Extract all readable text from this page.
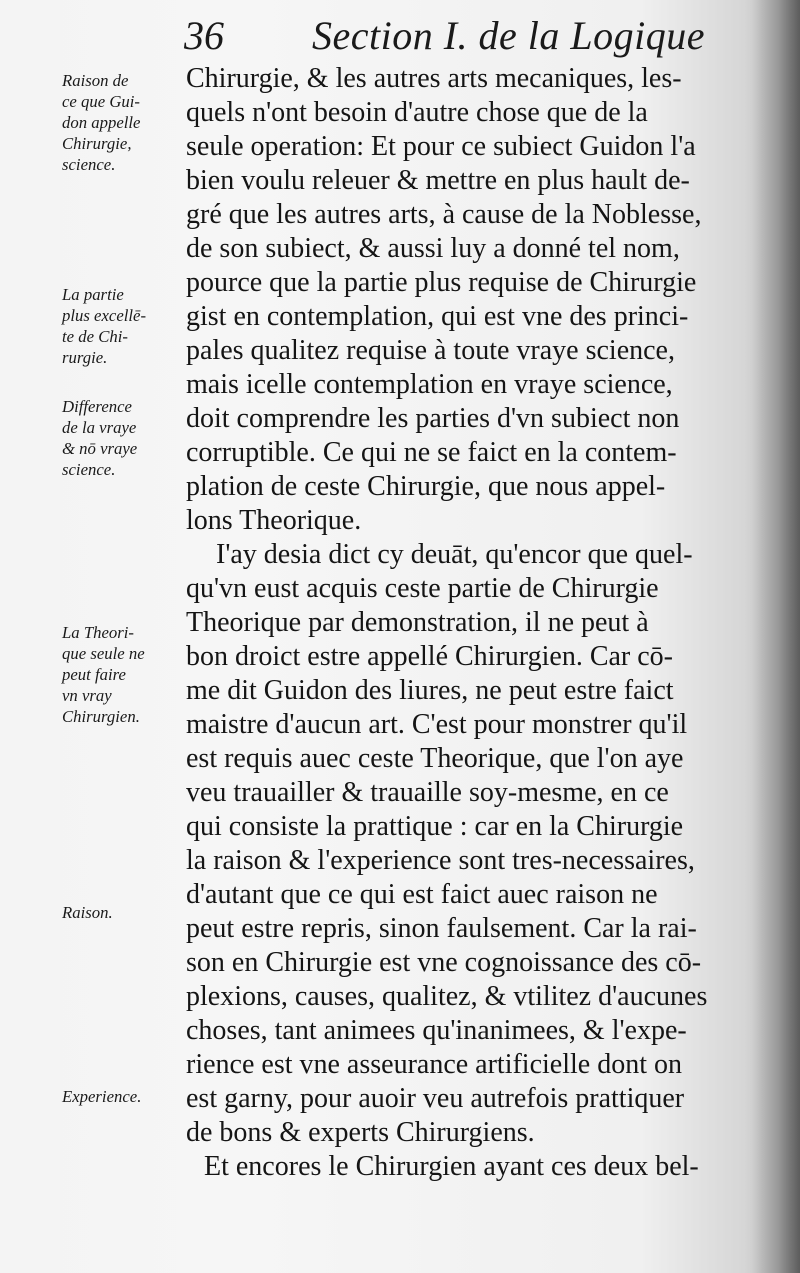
36 Section I. de la Logique
Raison de
ce que Gui-
don appelle
Chirurgie,
science.
La partie
plus excellē-
te de Chi-
rurgie.
Difference
de la vraye
& nō vraye
science.
La Theori-
que seule ne
peut faire
vn vray
Chirurgien.
Raison.
Experience.
Chirurgie, & les autres arts mecaniques, les-
quels n'ont besoin d'autre chose que de la
seule operation: Et pour ce subiect Guidon l'a
bien voulu releuer & mettre en plus hault de-
gré que les autres arts, à cause de la Noblesse,
de son subiect, & aussi luy a donné tel nom,
pource que la partie plus requise de Chirurgie
gist en contemplation, qui est vne des princi-
pales qualitez requise à toute vraye science,
mais icelle contemplation en vraye science,
doit comprendre les parties d'vn subiect non
corruptible. Ce qui ne se faict en la contem-
plation de ceste Chirurgie, que nous appel-
lons Theorique.
I'ay desia dict cy deuāt, qu'encor que quel-
qu'vn eust acquis ceste partie de Chirurgie
Theorique par demonstration, il ne peut à
bon droict estre appellé Chirurgien. Car cō-
me dit Guidon des liures, ne peut estre faict
maistre d'aucun art. C'est pour monstrer qu'il
est requis auec ceste Theorique, que l'on aye
veu trauailler & trauaille soy-mesme, en ce
qui consiste la prattique : car en la Chirurgie
la raison & l'experience sont tres-necessaires,
d'autant que ce qui est faict auec raison ne
peut estre repris, sinon faulsement. Car la rai-
son en Chirurgie est vne cognoissance des cō-
plexions, causes, qualitez, & vtilitez d'aucunes
choses, tant animees qu'inanimees, & l'expe-
rience est vne asseurance artificielle dont on
est garny, pour auoir veu autrefois prattiquer
de bons & experts Chirurgiens.
Et encores le Chirurgien ayant ces deux bel-
